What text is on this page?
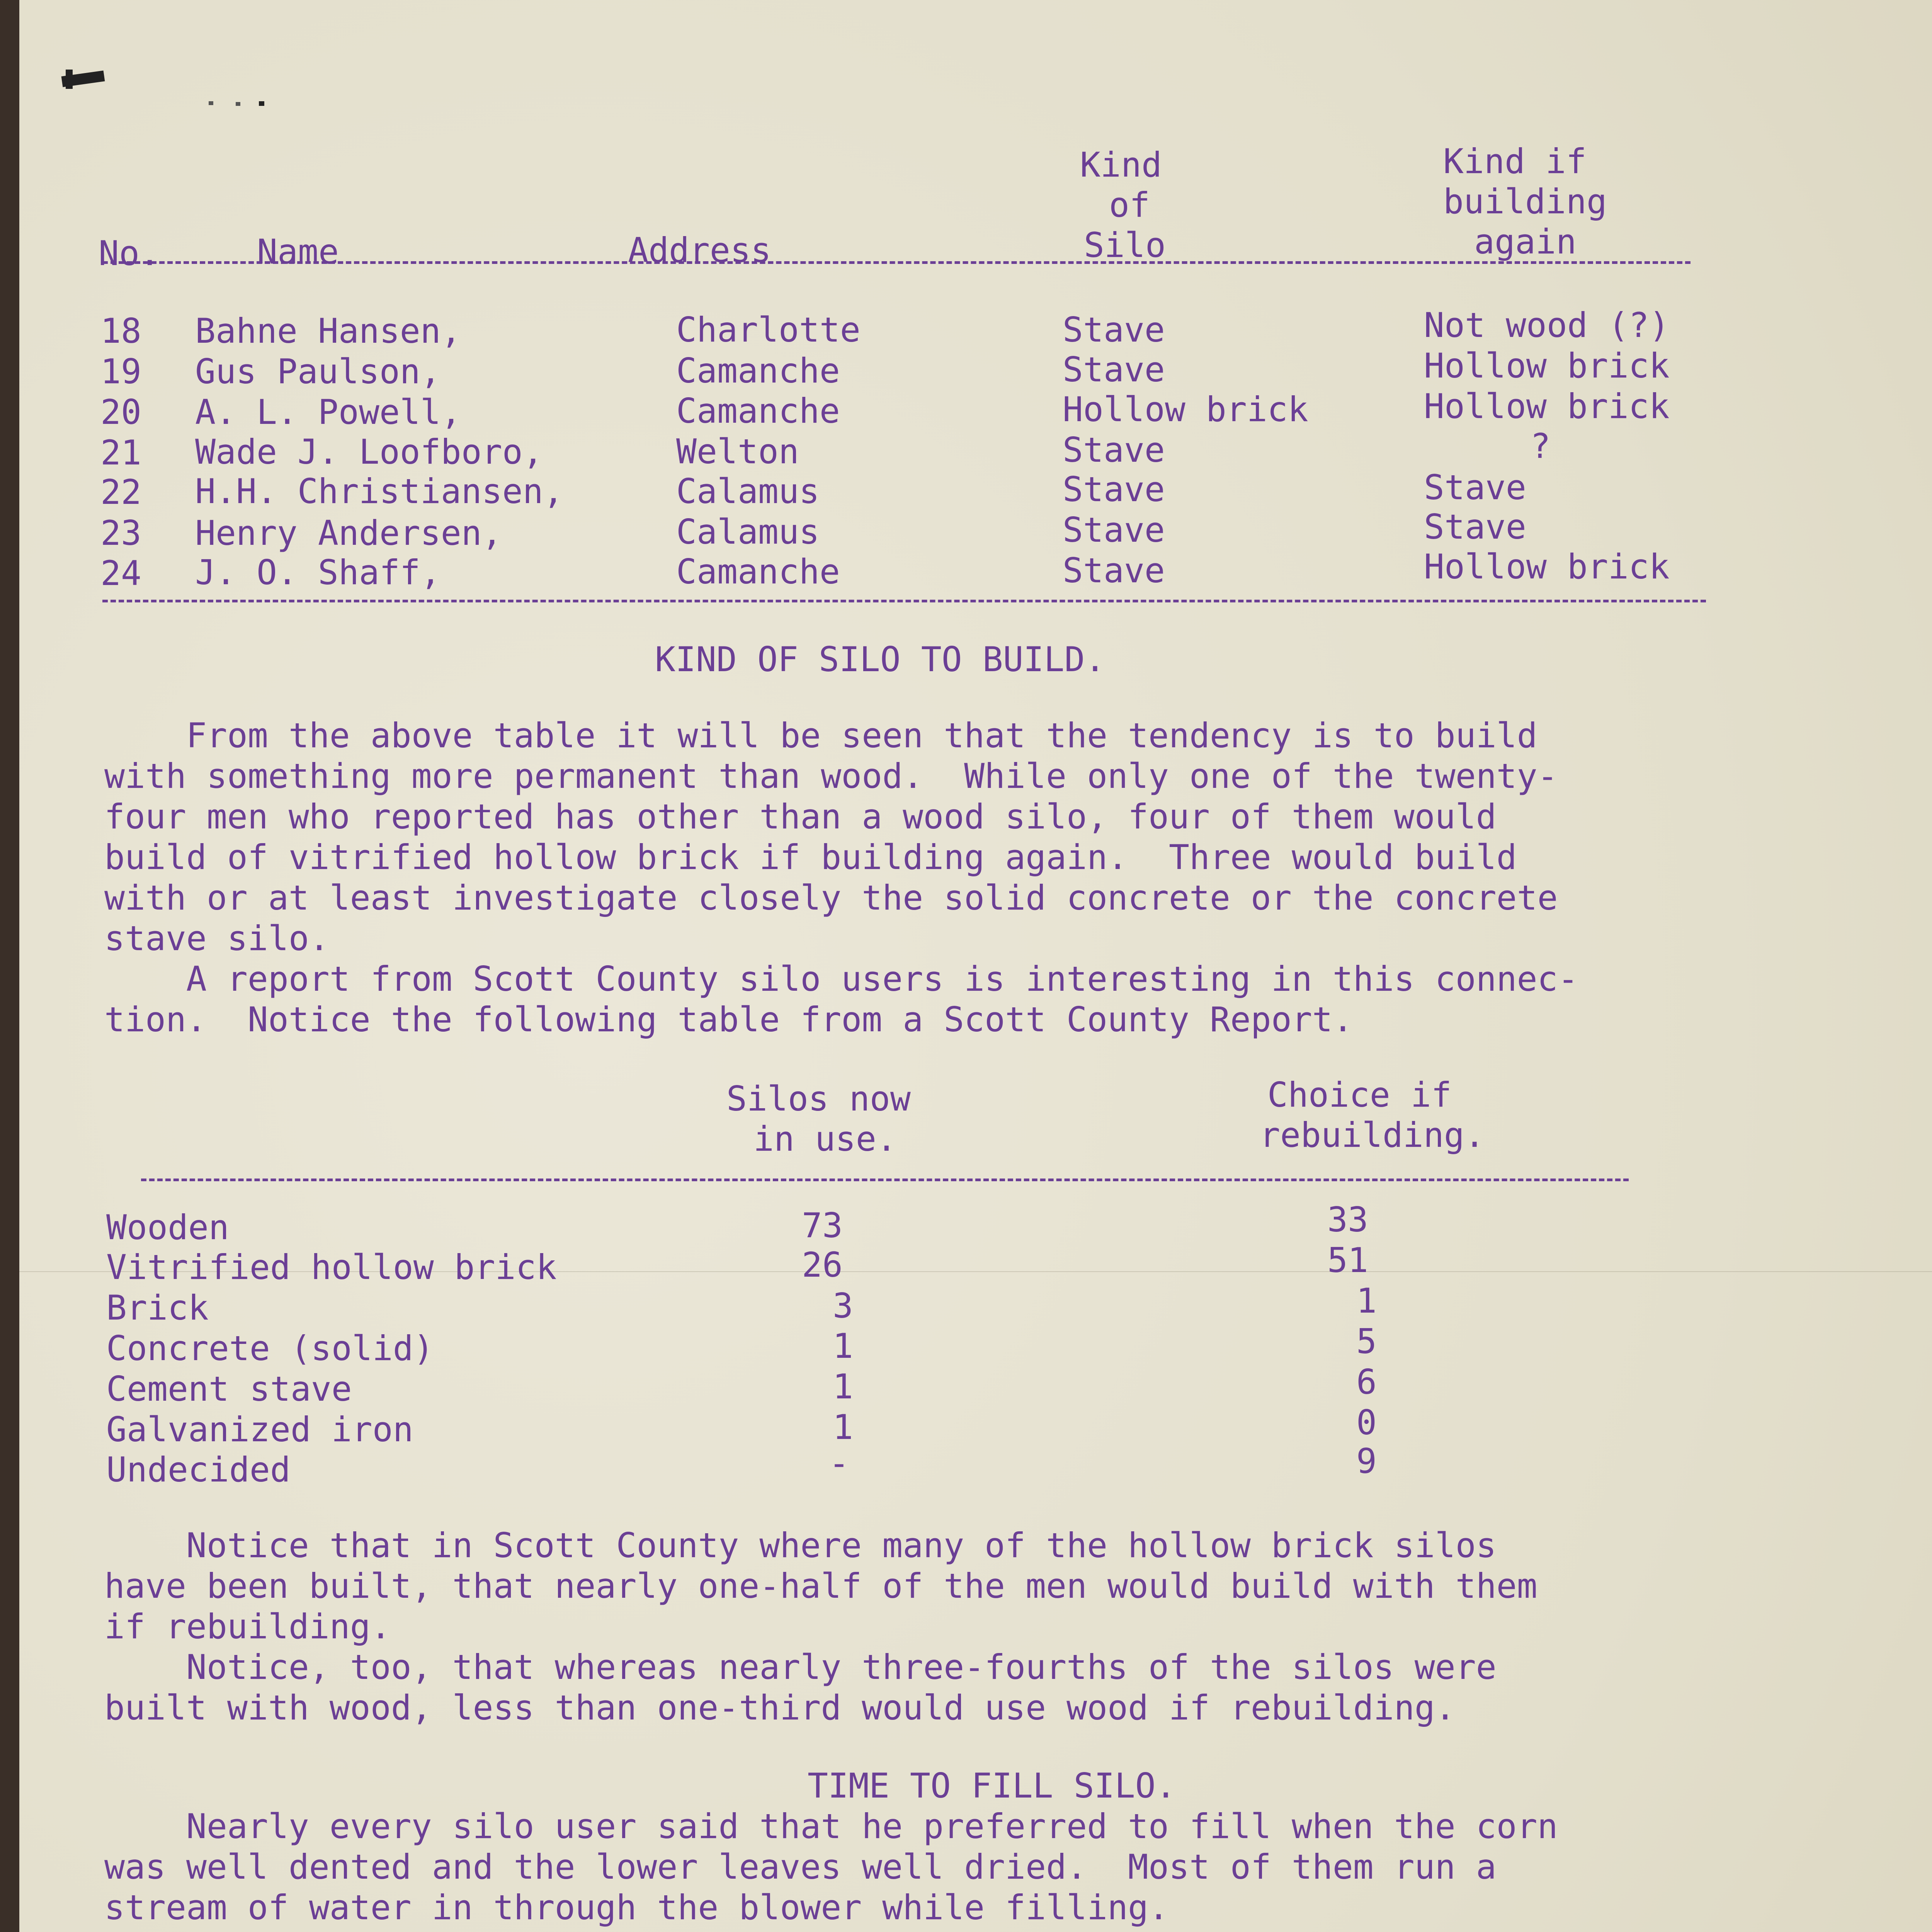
Kind
of
Silo
Kind if
building
again
No.	Name	Address
18 Bahne Hansen,	Charlotte	Stave	Not wood (?)
19 Gus Paulson,	Camanche	Stave	Hollow brick
20 A. L. Powell,	Camanche	Hollow brick	Hollow brick
21 Wade J. Loofboro,	Welton	Stave	?
22 H.H. Christiansen,	Calamus	Stave	Stave
23 Henry Andersen,	Calamus	Stave	Stave
24 J. O. Shaff,	Camanche	Stave	Hollow brick
KIND OF SILO TO BUILD.
From the above table it will be seen that the tendency is to build
with something more permanent than wood.  While only one of the twenty-
four men who reported has other than a wood silo, four of them would
build of vitrified hollow brick if building again.  Three would build
with or at least investigate closely the solid concrete or the concrete
stave silo.
A report from Scott County silo users is interesting in this connec-
tion.  Notice the following table from a Scott County Report.
Silos now
in use.
Choice if
rebuilding.
Wooden	73	33
Vitrified hollow brick	26	51
Brick	3	1
Concrete (solid)	1	5
Cement stave	1	6
Galvanized iron	1	0
Undecided	-	9
Notice that in Scott County where many of the hollow brick silos
have been built, that nearly one-half of the men would build with them
if rebuilding.
Notice, too, that whereas nearly three-fourths of the silos were
built with wood, less than one-third would use wood if rebuilding.
TIME TO FILL SILO.
Nearly every silo user said that he preferred to fill when the corn
was well dented and the lower leaves well dried.  Most of them run a
stream of water in through the blower while filling.
